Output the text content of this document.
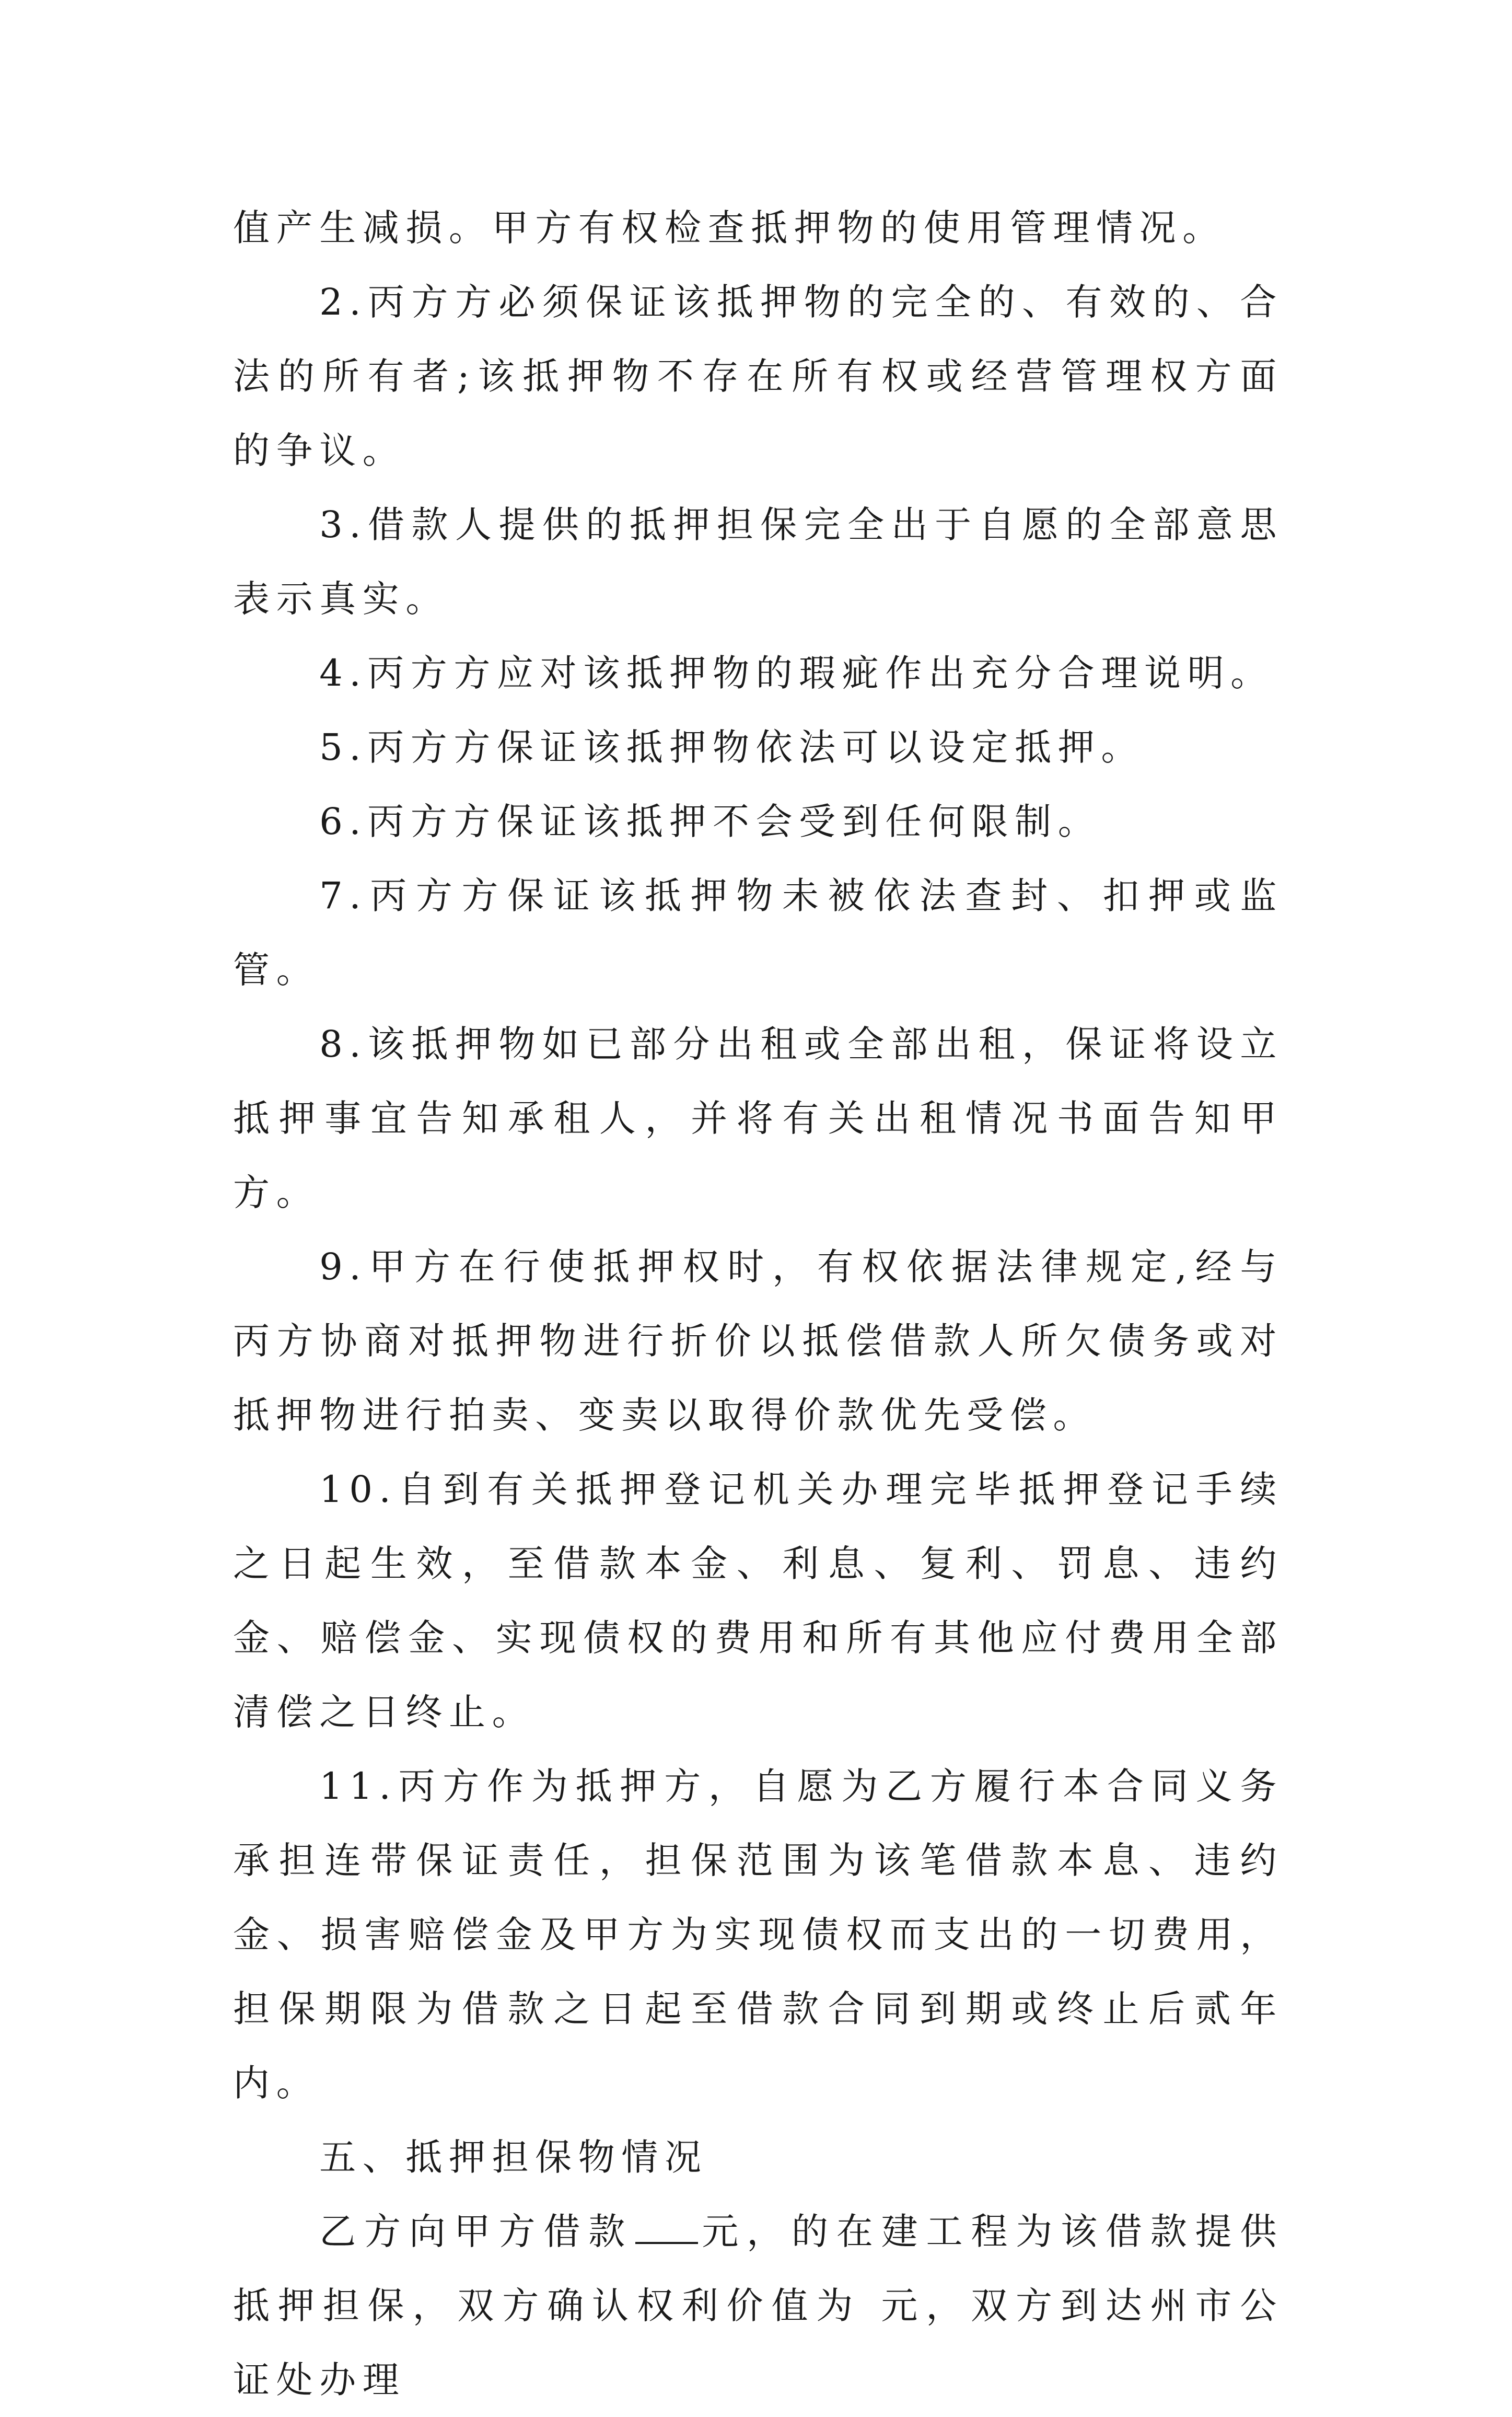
值产生减损。甲方有权检查抵押物的使用管理情况。

2.丙方方必须保证该抵押物的完全的、有效的、合法的所有者;该抵押物不存在所有权或经营管理权方面的争议。

3.借款人提供的抵押担保完全出于自愿的全部意思表示真实。

4.丙方方应对该抵押物的瑕疵作出充分合理说明。

5.丙方方保证该抵押物依法可以设定抵押。

6.丙方方保证该抵押不会受到任何限制。

7.丙方方保证该抵押物未被依法查封、扣押或监管。

8.该抵押物如已部分出租或全部出租，保证将设立抵押事宜告知承租人，并将有关出租情况书面告知甲方。

9.甲方在行使抵押权时，有权依据法律规定,经与丙方协商对抵押物进行折价以抵偿借款人所欠债务或对抵押物进行拍卖、变卖以取得价款优先受偿。

10.自到有关抵押登记机关办理完毕抵押登记手续之日起生效，至借款本金、利息、复利、罚息、违约金、赔偿金、实现债权的费用和所有其他应付费用全部清偿之日终止。

11.丙方作为抵押方，自愿为乙方履行本合同义务承担连带保证责任，担保范围为该笔借款本息、违约金、损害赔偿金及甲方为实现债权而支出的一切费用，担保期限为借款之日起至借款合同到期或终止后贰年内。

五、抵押担保物情况

乙方向甲方借款 元，的在建工程为该借款提供抵押担保，双方确认权利价值为 元，双方到达州市公证处办理
